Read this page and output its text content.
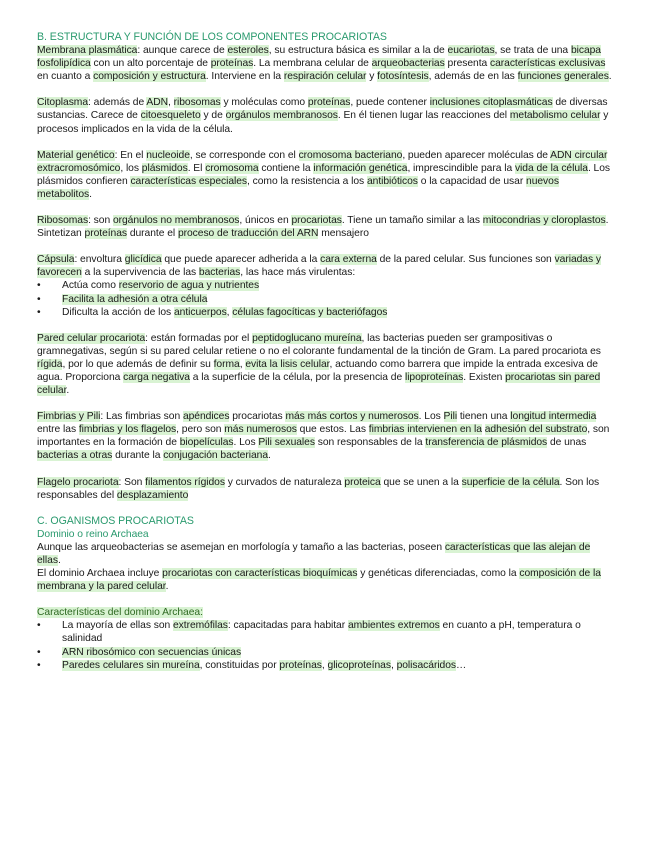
B. ESTRUCTURA Y FUNCIÓN DE LOS COMPONENTES PROCARIOTAS

Membrana plasmática: aunque carece de esteroles, su estructura básica es similar a la de eucariotas, se trata de una bicapa fosfolipídica con un alto porcentaje de proteínas. La membrana celular de arqueobacterias presenta características exclusivas en cuanto a composición y estructura. Interviene en la respiración celular y fotosíntesis, además de en las funciones generales.

Citoplasma: además de ADN, ribosomas y moléculas como proteínas, puede contener inclusiones citoplasmáticas de diversas sustancias. Carece de citoesqueleto y de orgánulos membranosos. En él tienen lugar las reacciones del metabolismo celular y procesos implicados en la vida de la célula.

Material genético: En el nucleoide, se corresponde con el cromosoma bacteriano, pueden aparecer moléculas de ADN circular extracromosómico, los plásmidos. El cromosoma contiene la información genética, imprescindible para la vida de la célula. Los plásmidos confieren características especiales, como la resistencia a los antibióticos o la capacidad de usar nuevos metabolitos.

Ribosomas: son orgánulos no membranosos, únicos en procariotas. Tiene un tamaño similar a las mitocondrias y cloroplastos. Sintetizan proteínas durante el proceso de traducción del ARN mensajero

Cápsula: envoltura glicídica que puede aparecer adherida a la cara externa de la pared celular. Sus funciones son variadas y favorecen a la supervivencia de las bacterias, las hace más virulentas:

• Actúa como reservorio de agua y nutrientes
• Facilita la adhesión a otra célula
• Dificulta la acción de los anticuerpos, células fagocíticas y bacteriófagos

Pared celular procariota: están formadas por el peptidoglucano mureína, las bacterias pueden ser grampositivas o gramnegativas, según si su pared celular retiene o no el colorante fundamental de la tinción de Gram. La pared procariota es rígida, por lo que además de definir su forma, evita la lisis celular, actuando como barrera que impide la entrada excesiva de agua. Proporciona carga negativa a la superficie de la célula, por la presencia de lipoproteínas. Existen procariotas sin pared celular.

Fimbrias y Pili: Las fimbrias son apéndices procariotas más más cortos y numerosos. Los Pili tienen una longitud intermedia entre las fimbrias y los flagelos, pero son más numerosos que estos. Las fimbrias intervienen en la adhesión del substrato, son importantes en la formación de biopelículas. Los Pili sexuales son responsables de la transferencia de plásmidos de unas bacterias a otras durante la conjugación bacteriana.

Flagelo procariota: Son filamentos rígidos y curvados de naturaleza proteica que se unen a la superficie de la célula. Son los responsables del desplazamiento

C. OGANISMOS PROCARIOTAS

Dominio o reino Archaea

Aunque las arqueobacterias se asemejan en morfología y tamaño a las bacterias, poseen características que las alejan de ellas.

El dominio Archaea incluye procariotas con características bioquímicas y genéticas diferenciadas, como la composición de la membrana y la pared celular.

Características del dominio Archaea:

• La mayoría de ellas son extremófilas: capacitadas para habitar ambientes extremos en cuanto a pH, temperatura o salinidad
• ARN ribosómico con secuencias únicas
• Paredes celulares sin mureína, constituidas por proteínas, glicoproteínas, polisacáridos…
